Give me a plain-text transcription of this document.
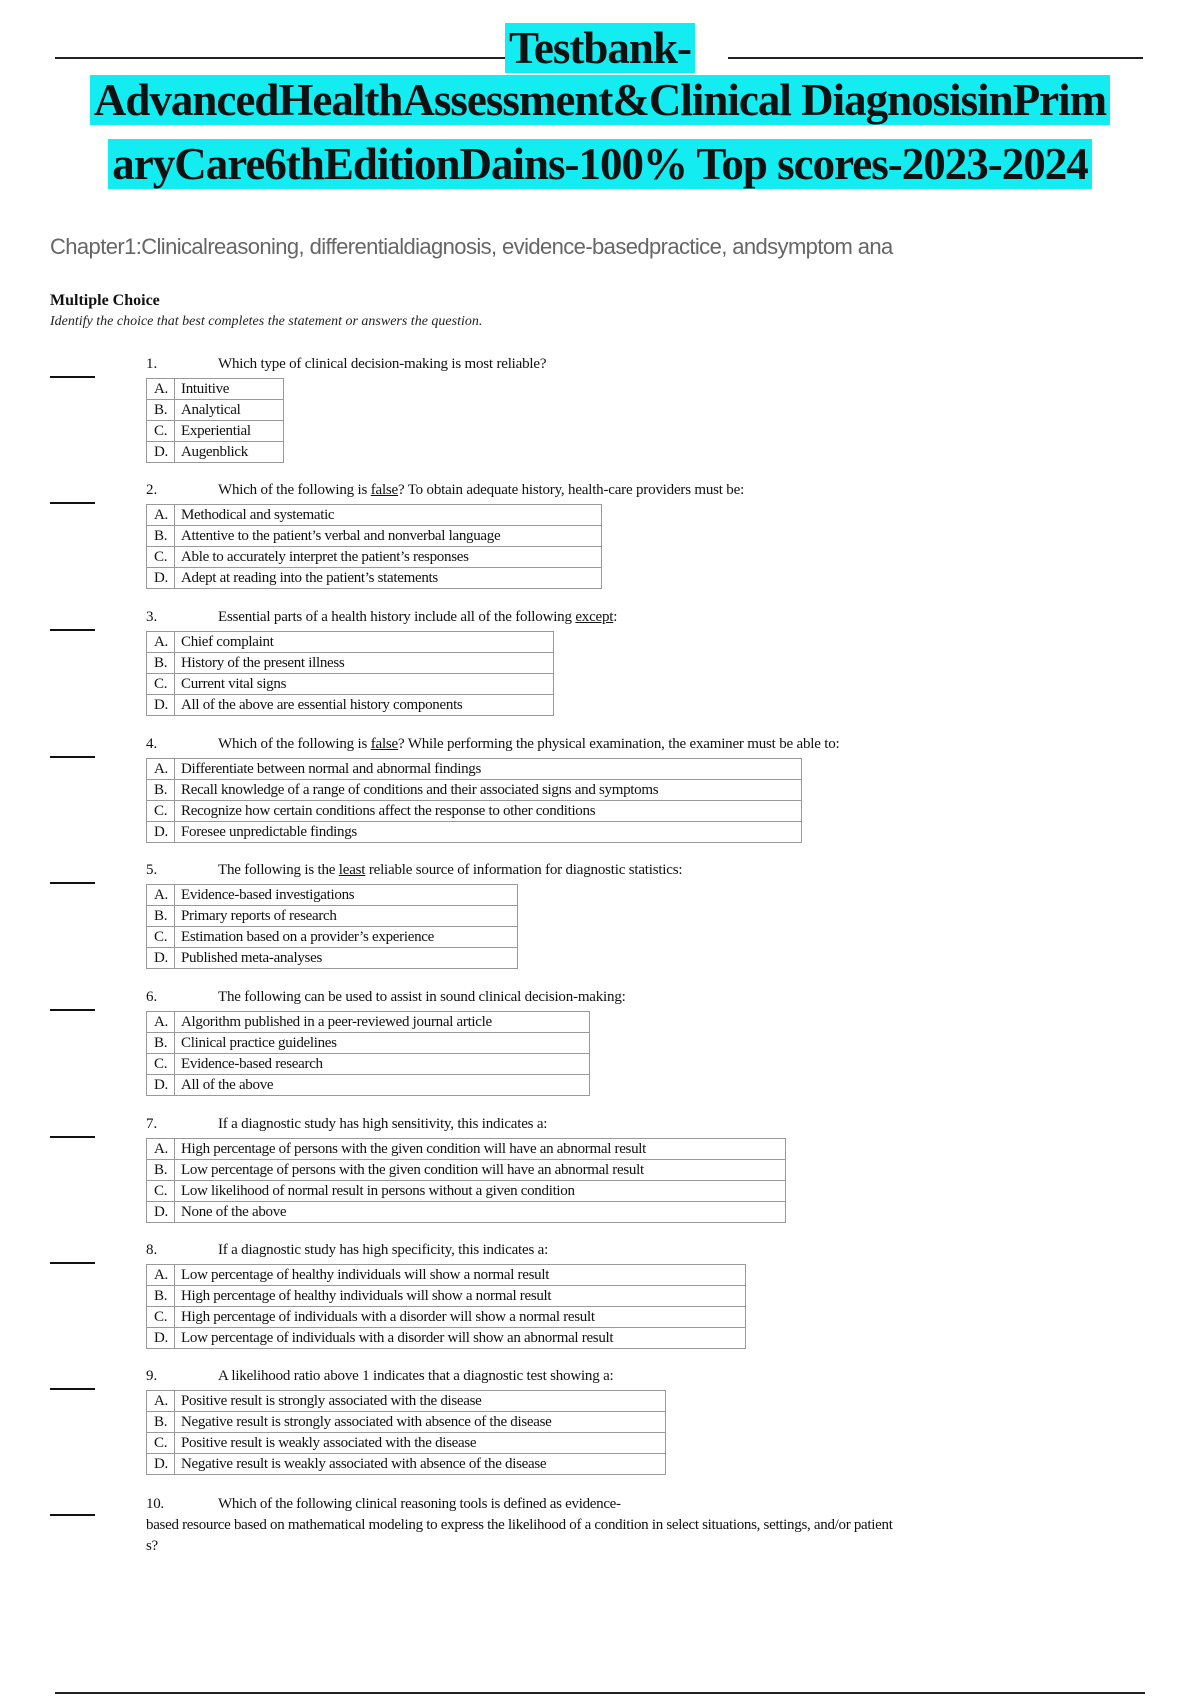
Testbank-
AdvancedHealthAssessment&Clinical DiagnosisinPrim
aryCare6thEditionDains-100% Top scores-2023-2024
Chapter1:Clinicalreasoning, differentialdiagnosis, evidence-basedpractice, andsymptom ana
Multiple Choice
Identify the choice that best completes the statement or answers the question.
1.	Which type of clinical decision-making is most reliable?
A.	Intuitive
B.	Analytical
C.	Experiential
D.	Augenblick
2.	Which of the following is false? To obtain adequate history, health-care providers must be:
A.	Methodical and systematic
B.	Attentive to the patient’s verbal and nonverbal language
C.	Able to accurately interpret the patient’s responses
D.	Adept at reading into the patient’s statements
3.	Essential parts of a health history include all of the following except:
A.	Chief complaint
B.	History of the present illness
C.	Current vital signs
D.	All of the above are essential history components
4.	Which of the following is false? While performing the physical examination, the examiner must be able to:
A.	Differentiate between normal and abnormal findings
B.	Recall knowledge of a range of conditions and their associated signs and symptoms
C.	Recognize how certain conditions affect the response to other conditions
D.	Foresee unpredictable findings
5.	The following is the least reliable source of information for diagnostic statistics:
A.	Evidence-based investigations
B.	Primary reports of research
C.	Estimation based on a provider’s experience
D.	Published meta-analyses
6.	The following can be used to assist in sound clinical decision-making:
A.	Algorithm published in a peer-reviewed journal article
B.	Clinical practice guidelines
C.	Evidence-based research
D.	All of the above
7.	If a diagnostic study has high sensitivity, this indicates a:
A.	High percentage of persons with the given condition will have an abnormal result
B.	Low percentage of persons with the given condition will have an abnormal result
C.	Low likelihood of normal result in persons without a given condition
D.	None of the above
8.	If a diagnostic study has high specificity, this indicates a:
A.	Low percentage of healthy individuals will show a normal result
B.	High percentage of healthy individuals will show a normal result
C.	High percentage of individuals with a disorder will show a normal result
D.	Low percentage of individuals with a disorder will show an abnormal result
9.	A likelihood ratio above 1 indicates that a diagnostic test showing a:
A.	Positive result is strongly associated with the disease
B.	Negative result is strongly associated with absence of the disease
C.	Positive result is weakly associated with the disease
D.	Negative result is weakly associated with absence of the disease
10.	Which of the following clinical reasoning tools is defined as evidence-
based resource based on mathematical modeling to express the likelihood of a condition in select situations, settings, and/or patient
s?
